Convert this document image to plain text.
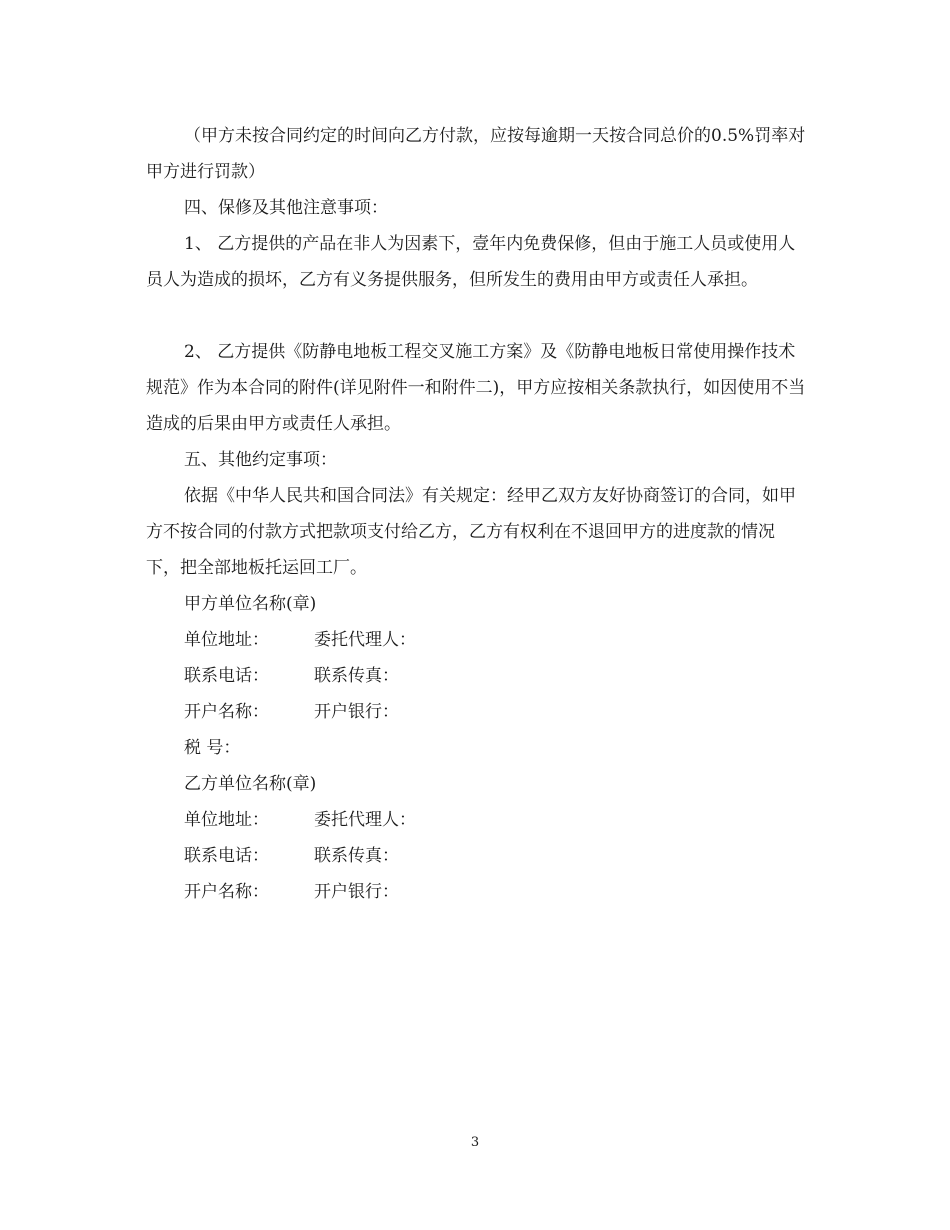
（甲方未按合同约定的时间向乙方付款，应按每逾期一天按合同总价的0.5%罚率对甲方进行罚款）

四、保修及其他注意事项：

1、 乙方提供的产品在非人为因素下，壹年内免费保修，但由于施工人员或使用人员人为造成的损坏，乙方有义务提供服务，但所发生的费用由甲方或责任人承担。

2、 乙方提供《防静电地板工程交叉施工方案》及《防静电地板日常使用操作技术规范》作为本合同的附件(详见附件一和附件二)，甲方应按相关条款执行，如因使用不当造成的后果由甲方或责任人承担。

五、其他约定事项：

依据《中华人民共和国合同法》有关规定：经甲乙双方友好协商签订的合同，如甲方不按合同的付款方式把款项支付给乙方，乙方有权利在不退回甲方的进度款的情况下，把全部地板托运回工厂。

甲方单位名称(章)
单位地址：	委托代理人：
联系电话：	联系传真：
开户名称：	开户银行：
税 号：
乙方单位名称(章)
单位地址：	委托代理人：
联系电话：	联系传真：
开户名称：	开户银行：
3
